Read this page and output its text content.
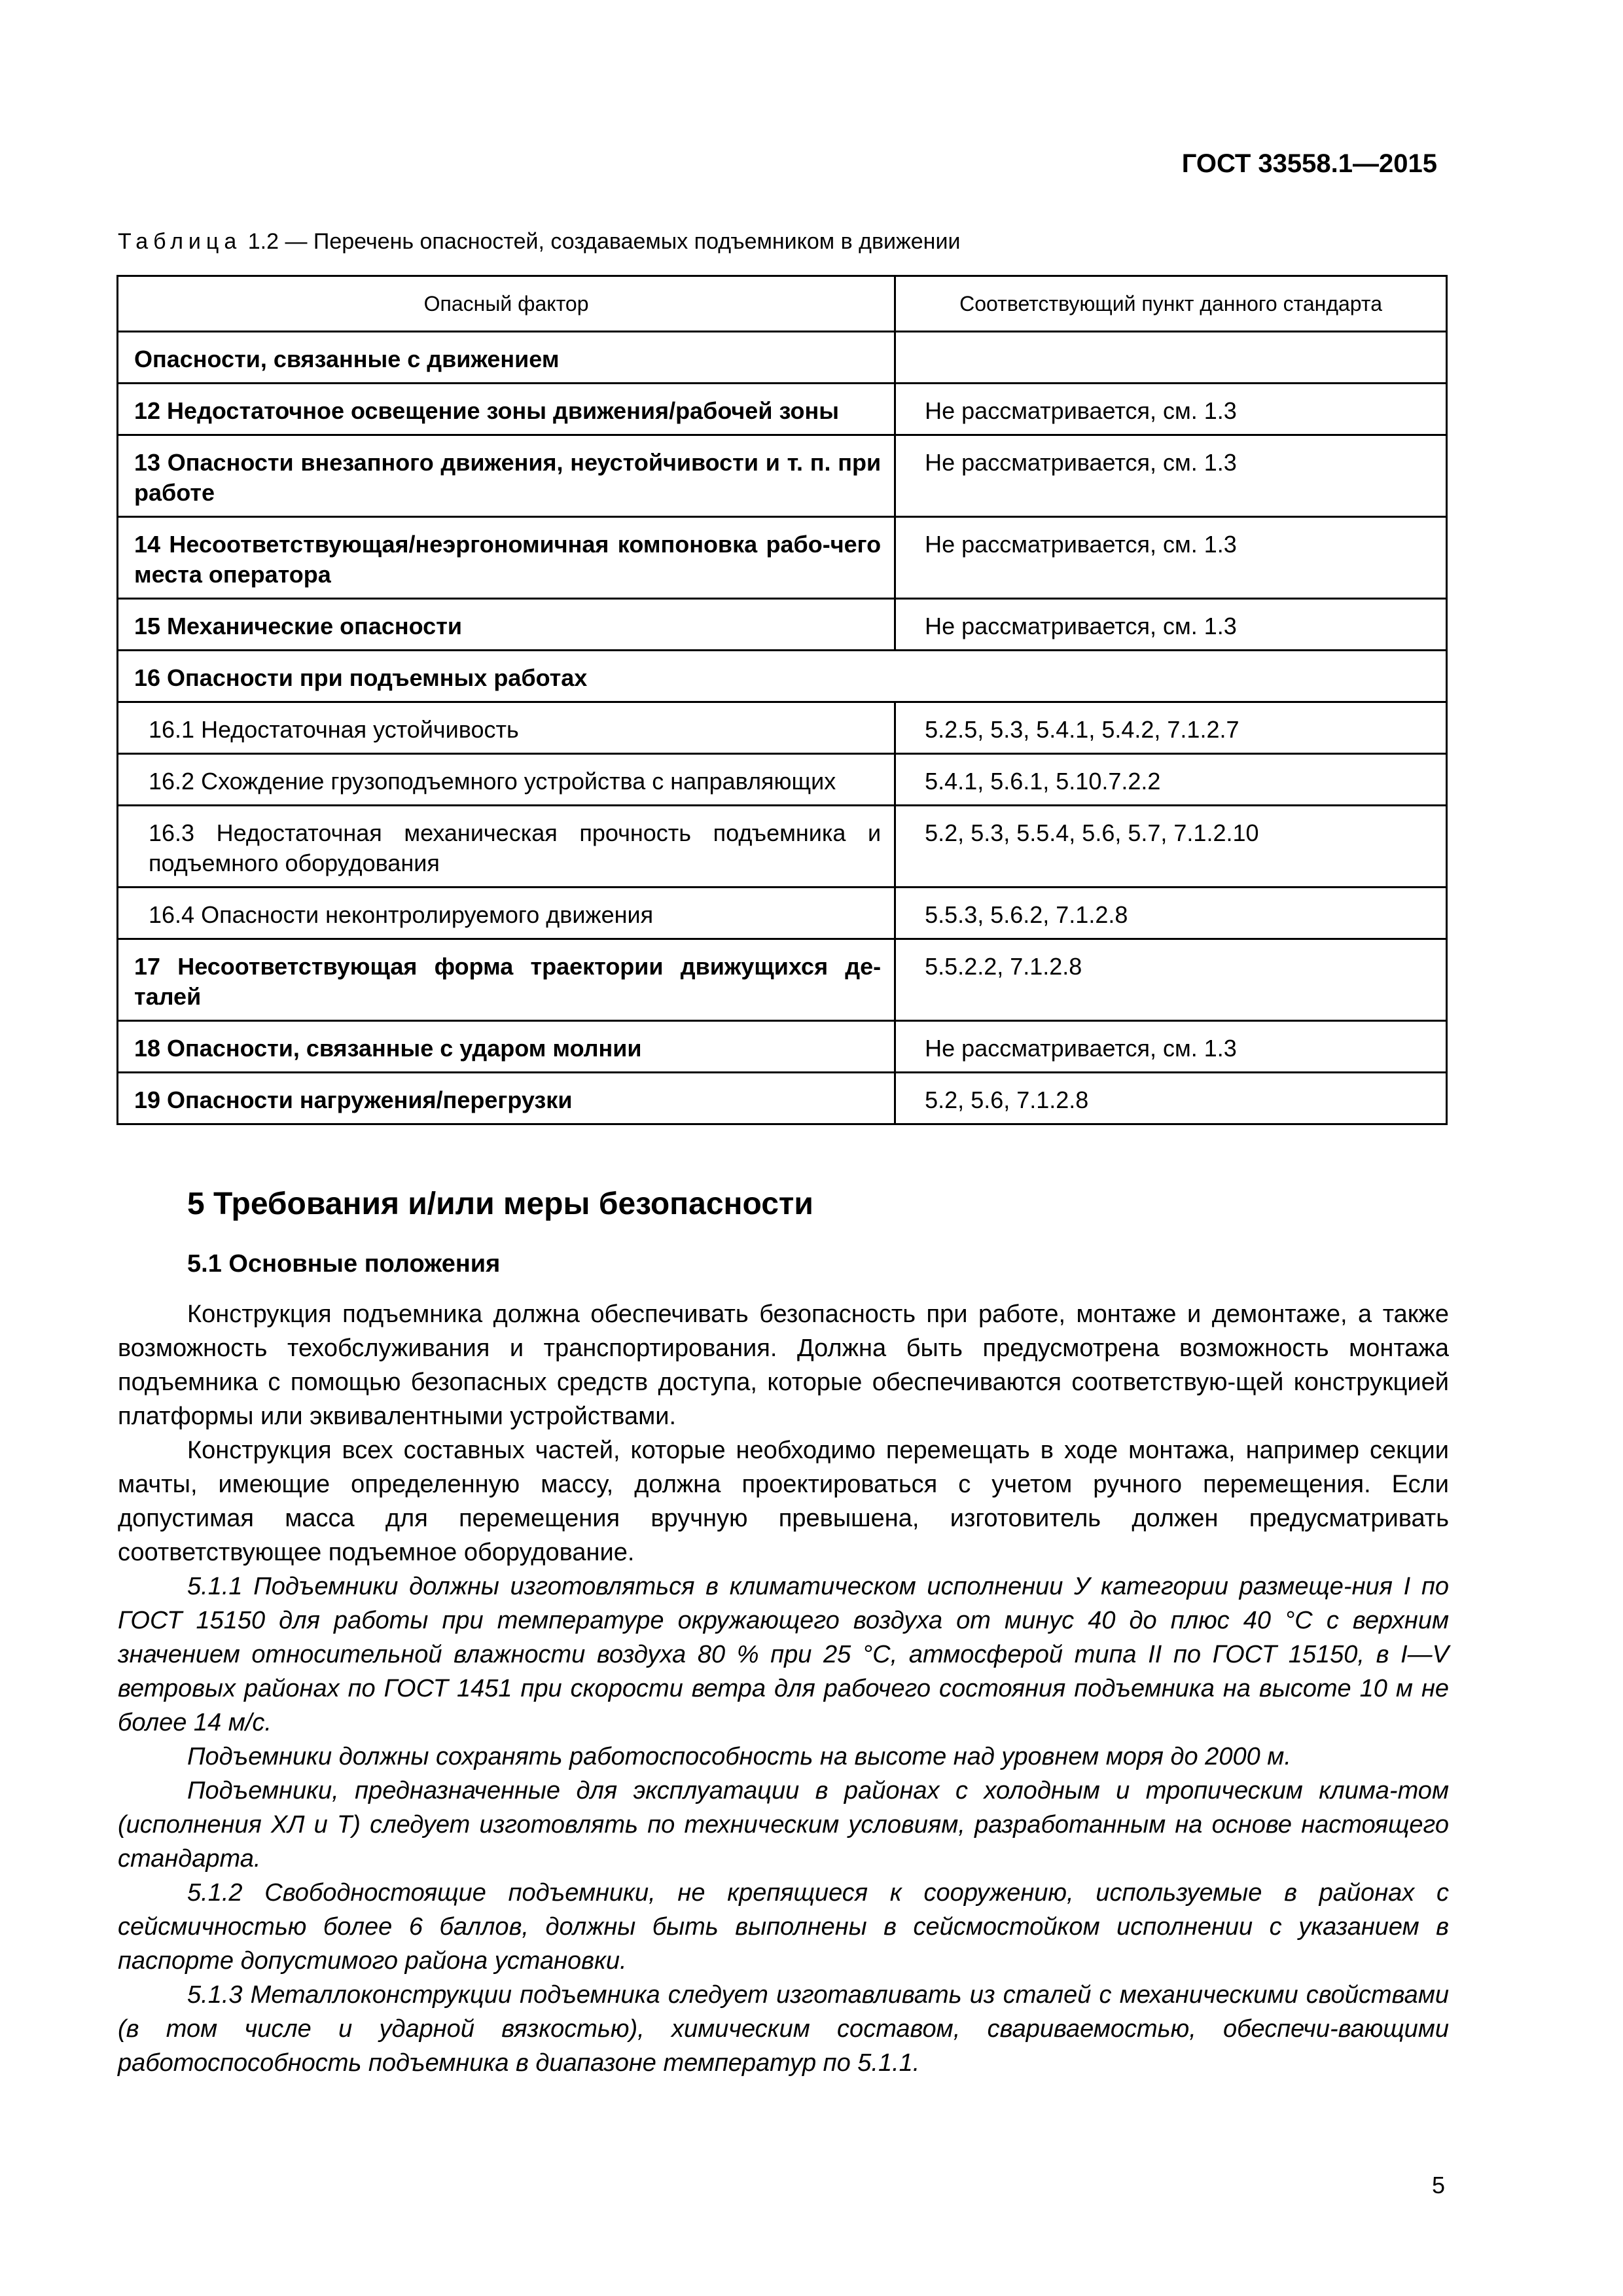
ГОСТ 33558.1—2015
Таблица 1.2 — Перечень опасностей, создаваемых подъемником в движении
Опасный фактор	Соответствующий пункт данного стандарта
Опасности, связанные с движением	
12 Недостаточное освещение зоны движения/рабочей зоны	Не рассматривается, см. 1.3
13 Опасности внезапного движения, неустойчивости и т. п. при работе	Не рассматривается, см. 1.3
14 Несоответствующая/неэргономичная компоновка рабо-чего места оператора	Не рассматривается, см. 1.3
15 Механические опасности	Не рассматривается, см. 1.3
16 Опасности при подъемных работах	
16.1 Недостаточная устойчивость	5.2.5, 5.3, 5.4.1, 5.4.2, 7.1.2.7
16.2 Схождение грузоподъемного устройства с направляющих	5.4.1, 5.6.1, 5.10.7.2.2
16.3 Недостаточная механическая прочность подъемника и подъемного оборудования	5.2, 5.3, 5.5.4, 5.6, 5.7, 7.1.2.10
16.4 Опасности неконтролируемого движения	5.5.3, 5.6.2, 7.1.2.8
17 Несоответствующая форма траектории движущихся де-талей	5.5.2.2, 7.1.2.8
18 Опасности, связанные с ударом молнии	Не рассматривается, см. 1.3
19 Опасности нагружения/перегрузки	5.2, 5.6, 7.1.2.8
5 Требования и/или меры безопасности
5.1 Основные положения

Конструкция подъемника должна обеспечивать безопасность при работе, монтаже и демонтаже, а также возможность техобслуживания и транспортирования. Должна быть предусмотрена возможность монтажа подъемника с помощью безопасных средств доступа, которые обеспечиваются соответствую-щей конструкцией платформы или эквивалентными устройствами.

Конструкция всех составных частей, которые необходимо перемещать в ходе монтажа, например секции мачты, имеющие определенную массу, должна проектироваться с учетом ручного перемещения. Если допустимая масса для перемещения вручную превышена, изготовитель должен предусматривать соответствующее подъемное оборудование.

5.1.1 Подъемники должны изготовляться в климатическом исполнении У категории размеще-ния I по ГОСТ 15150 для работы при температуре окружающего воздуха от минус 40 до плюс 40 °С с верхним значением относительной влажности воздуха 80 % при 25 °С, атмосферой типа II по ГОСТ 15150, в I—V ветровых районах по ГОСТ 1451 при скорости ветра для рабочего состояния подъемника на высоте 10 м не более 14 м/с.

Подъемники должны сохранять работоспособность на высоте над уровнем моря до 2000 м.

Подъемники, предназначенные для эксплуатации в районах с холодным и тропическим клима-том (исполнения ХЛ и Т) следует изготовлять по техническим условиям, разработанным на основе настоящего стандарта.

5.1.2 Свободностоящие подъемники, не крепящиеся к сооружению, используемые в районах с сейсмичностью более 6 баллов, должны быть выполнены в сейсмостойком исполнении с указанием в паспорте допустимого района установки.

5.1.3 Металлоконструкции подъемника следует изготавливать из сталей с механическими свойствами (в том числе и ударной вязкостью), химическим составом, свариваемостью, обеспечи-вающими работоспособность подъемника в диапазоне температур по 5.1.1.

5
